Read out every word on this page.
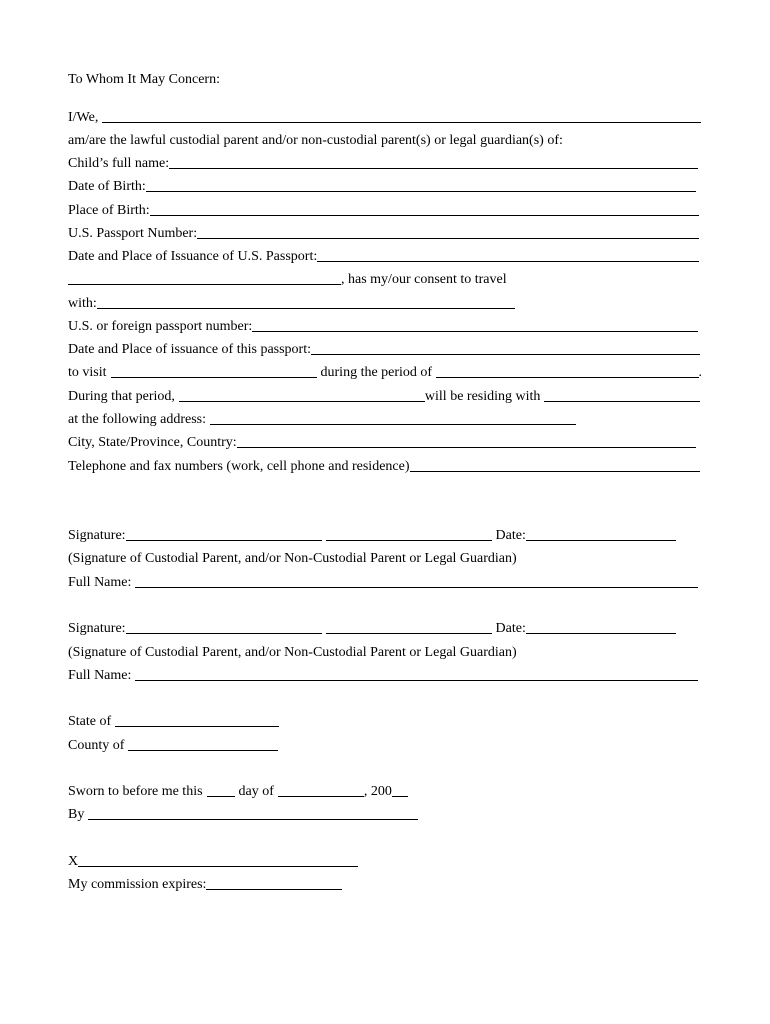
To Whom It May Concern:
I/We,
am/are the lawful custodial parent and/or non-custodial parent(s) or legal guardian(s) of:
Child’s full name:
Date of Birth:
Place of Birth:
U.S. Passport Number:
Date and Place of Issuance of U.S. Passport:
, has my/our consent to travel
with:
U.S. or foreign passport number:
Date and Place of issuance of this passport:
to visit	during the period of	.
During that period,	will be residing with
at the following address:
City, State/Province, Country:
Telephone and fax numbers (work, cell phone and residence)
Signature:	Date:
(Signature of Custodial Parent, and/or Non-Custodial Parent or Legal Guardian)
Full Name:
Signature:	Date:
(Signature of Custodial Parent, and/or Non-Custodial Parent or Legal Guardian)
Full Name:
State of
County of
Sworn to before me this	day of	, 200
By
X
My commission expires:
